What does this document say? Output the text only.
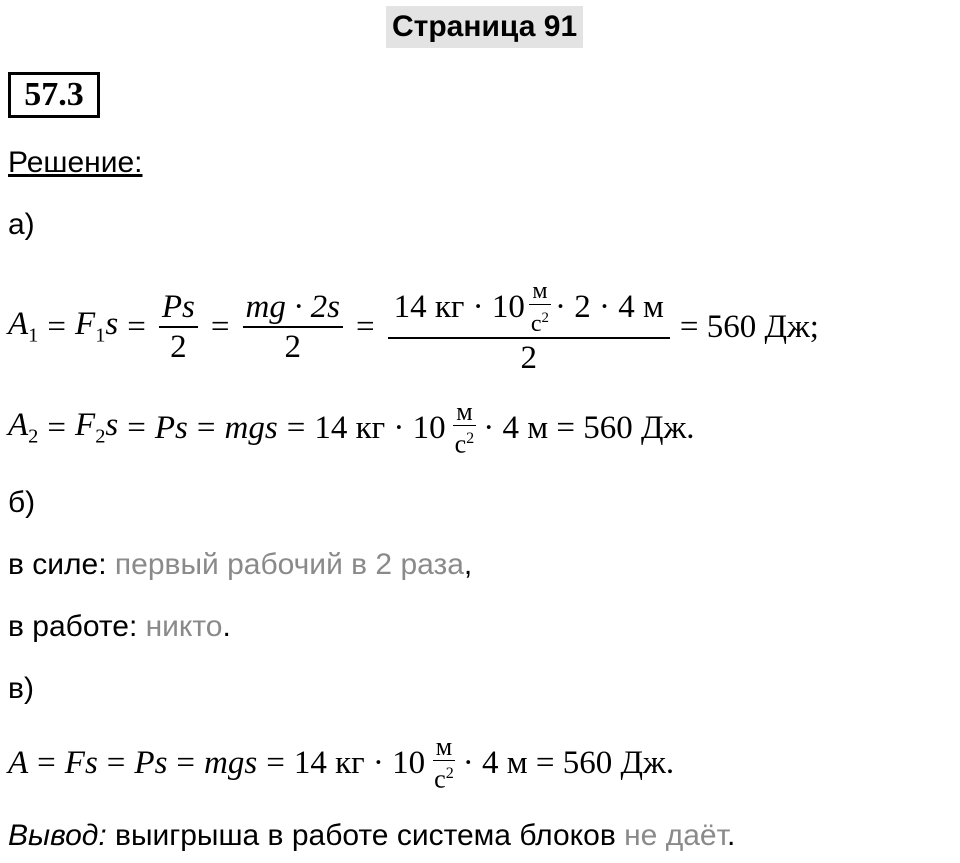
Страница 91
57.3
Решение:
а)
$A_1 = F_1s = \frac{Ps}{2} = \frac{mg \cdot 2s}{2}$ =
14 кг · $10 \frac{м}{с^2} \cdot 2 \cdot 4$ м
2
= 560 Дж;
$A_2 = F_2s = Ps$ = mgs = 14 кг · $10 \frac{м}{с^2} \cdot 4$ м = 560 Дж.
б)
в силе: первый рабочий в 2 раза,
в работе: никто.
в)
A = Fs = Ps = mgs = 14 кг · $10 \frac{м}{с^2} \cdot 4$ м = 560 Дж.
Вывод: выигрыша в работе система блоков не даёт.
